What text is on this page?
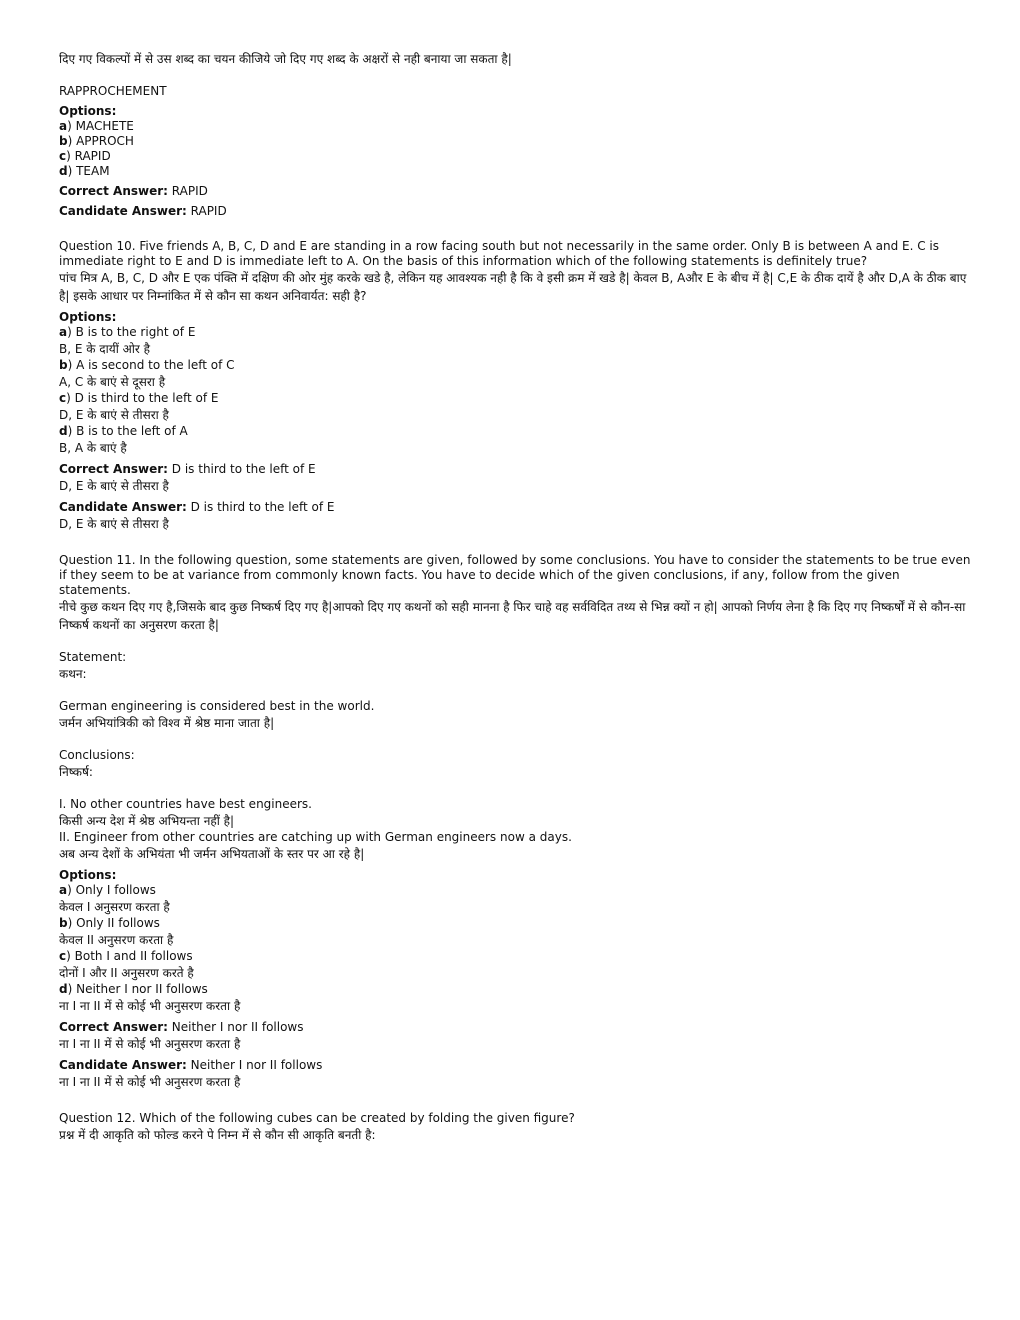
दिए गए विकल्पों में से उस शब्द का चयन कीजिये जो दिए गए शब्द के अक्षरों से नही बनाया जा सकता है|
RAPPROCHEMENT
Options:
a) MACHETE
b) APPROCH
c) RAPID
d) TEAM
Correct Answer: RAPID
Candidate Answer: RAPID
Question 10. Five friends A, B, C, D and E are standing in a row facing south but not necessarily in the same order. Only B is between A and E. C is immediate right to E and D is immediate left to A. On the basis of this information which of the following statements is definitely true?
पांच मित्र A, B, C, D और E एक पंक्ति में दक्षिण की ओर मुंह करके खडे है, लेकिन यह आवश्यक नही है कि वे इसी क्रम में खडे है| केवल B, Aऔर E के बीच में है| C,E के ठीक दायें है और D,A के ठीक बाए है| इसके आधार पर निम्नांकित में से कौन सा कथन अनिवार्यत: सही है?
Options:
a) B is to the right of E
B, E के दायीं ओर है
b) A is second to the left of C
A, C के बाएं से दूसरा है
c) D is third to the left of E
D, E के बाएं से तीसरा है
d) B is to the left of A
B, A के बाएं है
Correct Answer: D is third to the left of E
D, E के बाएं से तीसरा है
Candidate Answer: D is third to the left of E
D, E के बाएं से तीसरा है
Question 11. In the following question, some statements are given, followed by some conclusions. You have to consider the statements to be true even if they seem to be at variance from commonly known facts. You have to decide which of the given conclusions, if any, follow from the given statements.
नीचे कुछ कथन दिए गए है,जिसके बाद कुछ निष्कर्ष दिए गए है|आपको दिए गए कथनों को सही मानना है फिर चाहे वह सर्वविदित तथ्य से भिन्न क्यों न हो| आपको निर्णय लेना है कि दिए गए निष्कर्षों में से कौन-सा निष्कर्ष कथनों का अनुसरण करता है|
Statement:
कथन:
German engineering is considered best in the world.
जर्मन अभियांत्रिकी को विश्व में श्रेष्ठ माना जाता है|
Conclusions:
निष्कर्ष:
I. No other countries have best engineers.
किसी अन्य देश में श्रेष्ठ अभियन्ता नहीं है|
II. Engineer from other countries are catching up with German engineers now a days.
अब अन्य देशों के अभियंता भी जर्मन अभियताओं के स्तर पर आ रहे है|
Options:
a) Only I follows
केवल I अनुसरण करता है
b) Only II follows
केवल II अनुसरण करता है
c) Both I and II follows
दोनों I और II अनुसरण करते है
d) Neither I nor II follows
ना I ना II में से कोई भी अनुसरण करता है
Correct Answer: Neither I nor II follows
ना I ना II में से कोई भी अनुसरण करता है
Candidate Answer: Neither I nor II follows
ना I ना II में से कोई भी अनुसरण करता है
Question 12. Which of the following cubes can be created by folding the given figure?
प्रश्न में दी आकृति को फोल्ड करने पे निम्न में से कौन सी आकृति बनती है:
